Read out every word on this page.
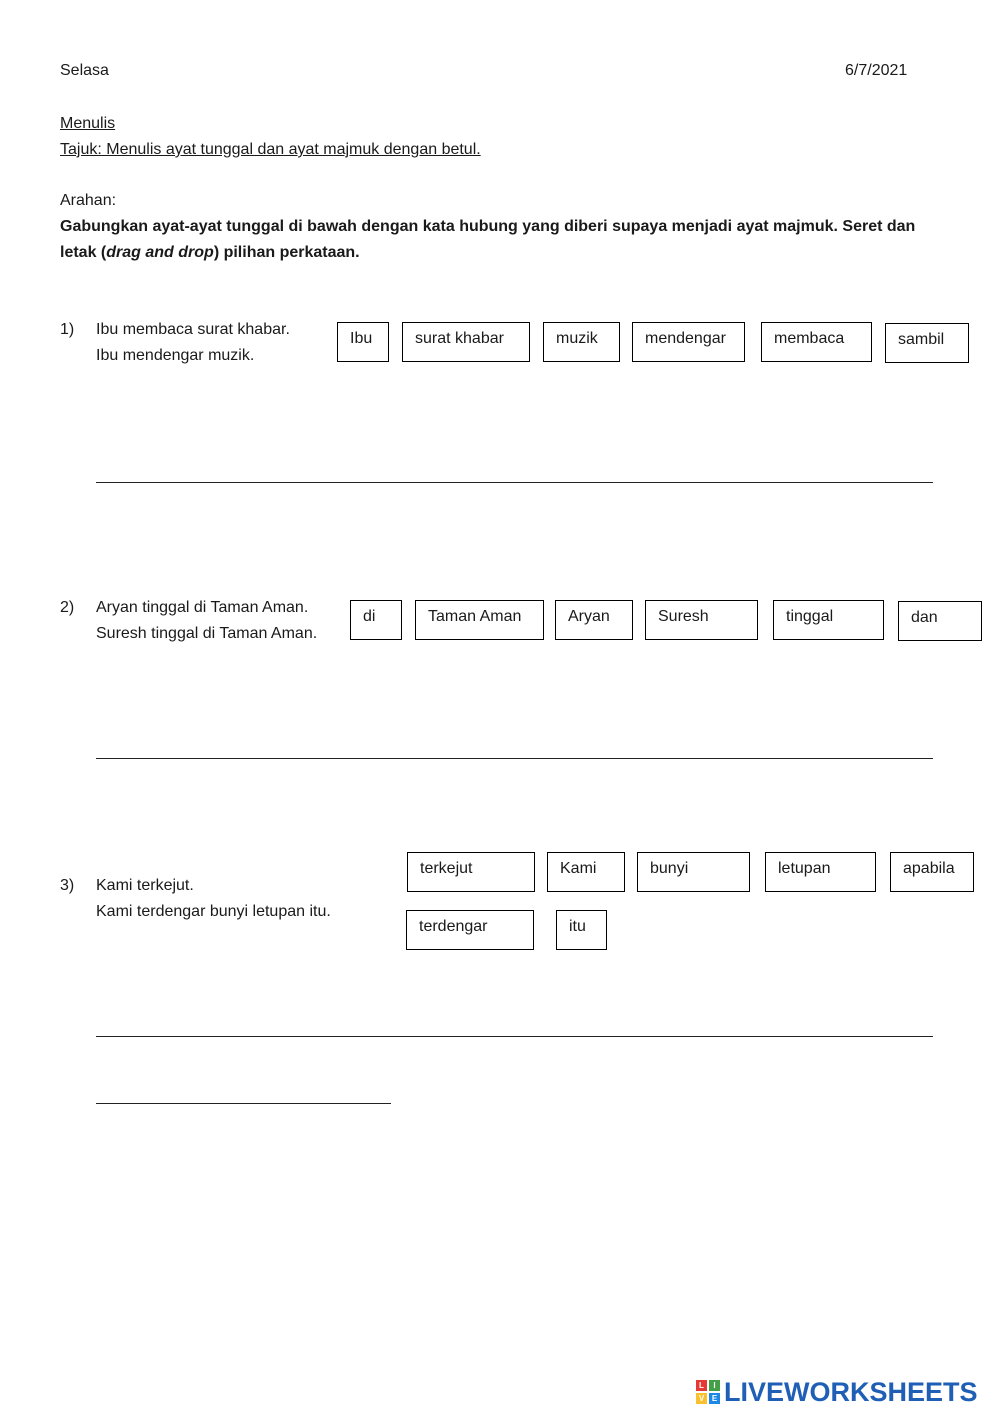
Selasa	6/7/2021
Menulis
Tajuk: Menulis ayat tunggal dan ayat majmuk dengan betul.
Arahan:
Gabungkan ayat-ayat tunggal di bawah dengan kata hubung yang diberi supaya menjadi ayat majmuk. Seret dan
letak (drag and drop) pilihan perkataan.
1) Ibu membaca surat khabar.
Ibu mendengar muzik.
Ibu	surat khabar	muzik	mendengar	membaca	sambil
2) Aryan tinggal di Taman Aman.
Suresh tinggal di Taman Aman.
di	Taman Aman	Aryan	Suresh	tinggal	dan
3) Kami terkejut.
Kami terdengar bunyi letupan itu.
terkejut	Kami	bunyi	letupan	apabila
terdengar	itu
L	I
V E LIVEWORKSHEETS
